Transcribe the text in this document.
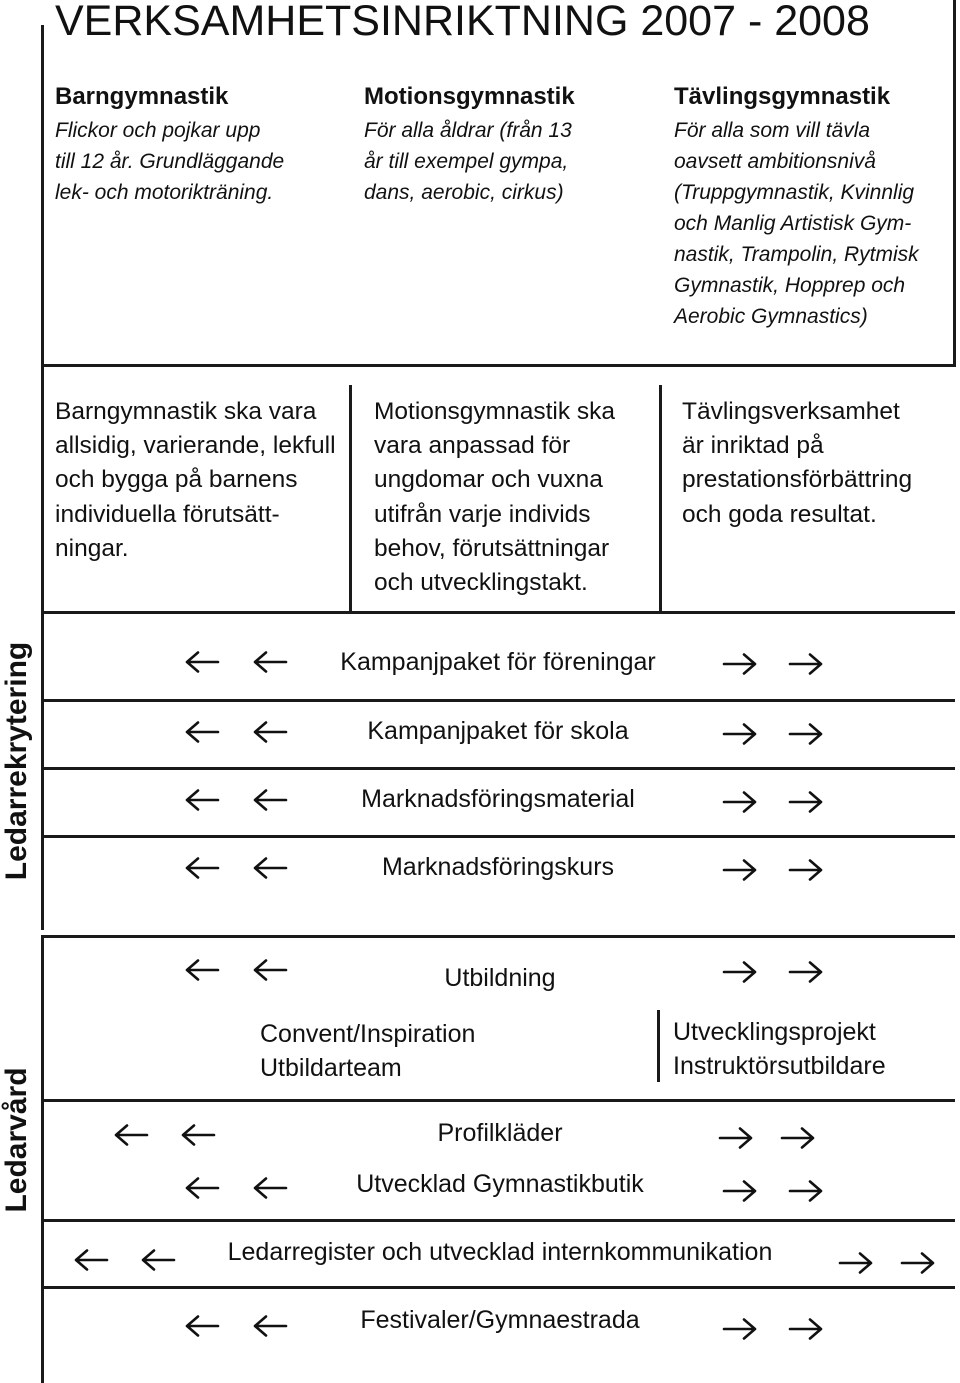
VERKSAMHETSINRIKTNING 2007 - 2008
Barngymnastik
Flickor och pojkar upp
till 12 år. Grundläggande
lek- och motorikträning.
Motionsgymnastik
För alla åldrar (från 13
år till exempel gympa,
dans, aerobic, cirkus)
Tävlingsgymnastik
För alla som vill tävla
oavsett ambitionsnivå
(Truppgymnastik, Kvinnlig
och Manlig Artistisk Gym-
nastik, Trampolin, Rytmisk
Gymnastik, Hopprep och
Aerobic Gymnastics)
Barngymnastik ska vara
allsidig, varierande, lekfull
och bygga på barnens
individuella förutsätt-
ningar.
Motionsgymnastik ska
vara anpassad för
ungdomar och vuxna
utifrån varje individs
behov, förutsättningar
och utvecklingstakt.
Tävlingsverksamhet
är inriktad på
prestationsförbättring
och goda resultat.
Ledarrekrytering	Kampanjpaket för föreningar
Kampanjpaket för skola
Marknadsföringsmaterial
Marknadsföringskurs
Ledarvård
Utbildning
Convent/Inspiration
Utbildarteam
Utvecklingsprojekt
Instruktörsutbildare
Profilkläder
Utvecklad Gymnastikbutik
Ledarregister och utvecklad internkommunikation
Festivaler/Gymnaestrada
